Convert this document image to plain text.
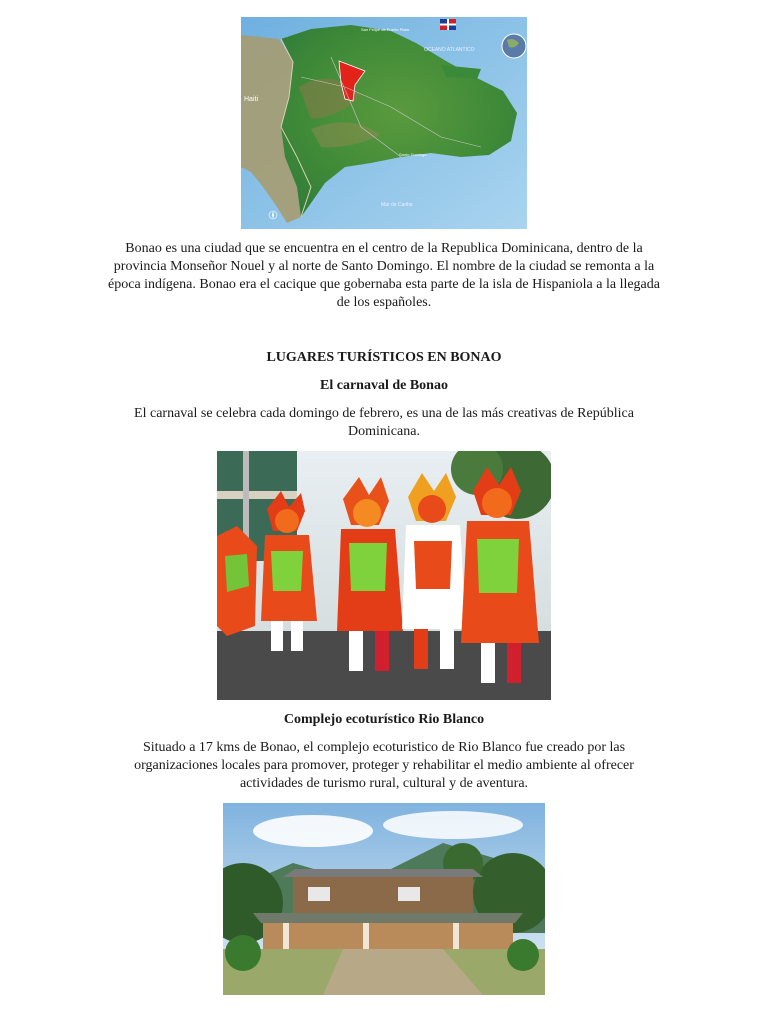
San Felipe de Puerto Plata
OCEANO ATLANTICO
Haiti
Santo Domingo
Mar de Caribe
Bonao es una ciudad que se encuentra en el centro de la Republica Dominicana, dentro de la
provincia Monseñor Nouel y al norte de Santo Domingo. El nombre de la ciudad se remonta a la
época indígena. Bonao era el cacique que gobernaba esta parte de la isla de Hispaniola a la llegada
de los españoles.
LUGARES TURÍSTICOS EN BONAO
El carnaval de Bonao
El carnaval se celebra cada domingo de febrero, es una de las más creativas de República
Dominicana.
Complejo ecoturístico Rio Blanco
Situado a 17 kms de Bonao, el complejo ecoturistico de Rio Blanco fue creado por las
organizaciones locales para promover, proteger y rehabilitar el medio ambiente al ofrecer
actividades de turismo rural, cultural y de aventura.
